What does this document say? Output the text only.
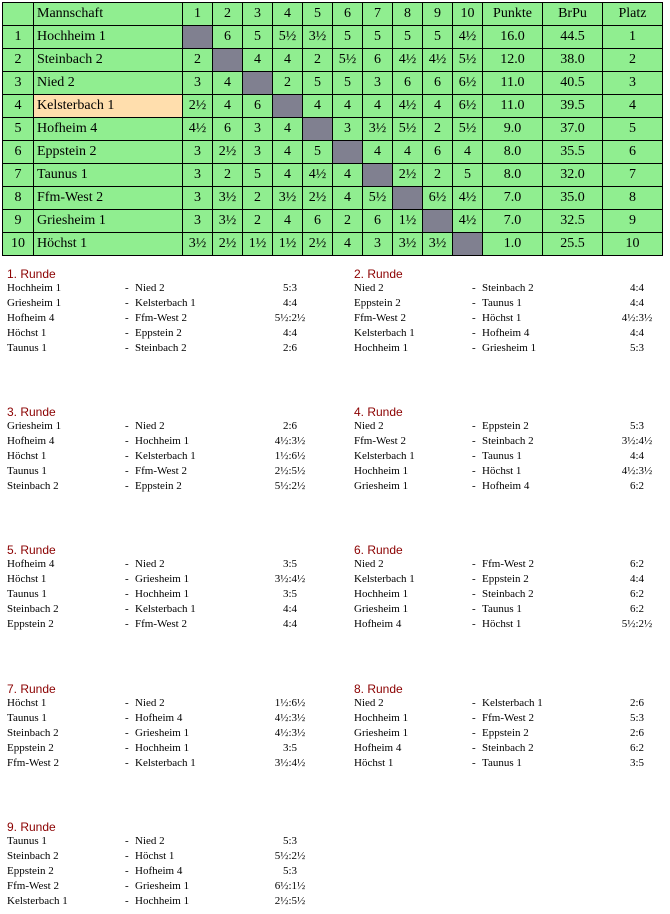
	Mannschaft	1	2	3	4	5	6	7	8	9	10	Punkte	BrPu	Platz
1	Hochheim 1		6	5	5½	3½	5	5	5	5	4½	16.0	44.5	1
2	Steinbach 2	2		4	4	2	5½	6	4½	4½	5½	12.0	38.0	2
3	Nied 2	3	4		2	5	5	3	6	6	6½	11.0	40.5	3
4	Kelsterbach 1	2½	4	6		4	4	4	4½	4	6½	11.0	39.5	4
5	Hofheim 4	4½	6	3	4		3	3½	5½	2	5½	9.0	37.0	5
6	Eppstein 2	3	2½	3	4	5		4	4	6	4	8.0	35.5	6
7	Taunus 1	3	2	5	4	4½	4		2½	2	5	8.0	32.0	7
8	Ffm-West 2	3	3½	2	3½	2½	4	5½		6½	4½	7.0	35.0	8
9	Griesheim 1	3	3½	2	4	6	2	6	1½		4½	7.0	32.5	9
10	Höchst 1	3½	2½	1½	1½	2½	4	3	3½	3½		1.0	25.5	10
1. Runde
Hochheim 1	- Nied 2	5:3
Griesheim 1	- Kelsterbach 1	4:4
Hofheim 4	- Ffm-West 2	5½:2½
Höchst 1	- Eppstein 2	4:4
Taunus 1	- Steinbach 2	2:6
2. Runde
Nied 2	- Steinbach 2	4:4
Eppstein 2	- Taunus 1	4:4
Ffm-West 2	- Höchst 1	4½:3½
Kelsterbach 1	- Hofheim 4	4:4
Hochheim 1	- Griesheim 1	5:3
3. Runde
Griesheim 1	- Nied 2	2:6
Hofheim 4	- Hochheim 1	4½:3½
Höchst 1	- Kelsterbach 1	1½:6½
Taunus 1	- Ffm-West 2	2½:5½
Steinbach 2	- Eppstein 2	5½:2½
4. Runde
Nied 2	- Eppstein 2	5:3
Ffm-West 2	- Steinbach 2	3½:4½
Kelsterbach 1	- Taunus 1	4:4
Hochheim 1	- Höchst 1	4½:3½
Griesheim 1	- Hofheim 4	6:2
5. Runde
Hofheim 4	- Nied 2	3:5
Höchst 1	- Griesheim 1	3½:4½
Taunus 1	- Hochheim 1	3:5
Steinbach 2	- Kelsterbach 1	4:4
Eppstein 2	- Ffm-West 2	4:4
6. Runde
Nied 2	- Ffm-West 2	6:2
Kelsterbach 1	- Eppstein 2	4:4
Hochheim 1	- Steinbach 2	6:2
Griesheim 1	- Taunus 1	6:2
Hofheim 4	- Höchst 1	5½:2½
7. Runde
Höchst 1	- Nied 2	1½:6½
Taunus 1	- Hofheim 4	4½:3½
Steinbach 2	- Griesheim 1	4½:3½
Eppstein 2	- Hochheim 1	3:5
Ffm-West 2	- Kelsterbach 1	3½:4½
8. Runde
Nied 2	- Kelsterbach 1	2:6
Hochheim 1	- Ffm-West 2	5:3
Griesheim 1	- Eppstein 2	2:6
Hofheim 4	- Steinbach 2	6:2
Höchst 1	- Taunus 1	3:5
9. Runde
Taunus 1	- Nied 2	5:3
Steinbach 2	- Höchst 1	5½:2½
Eppstein 2	- Hofheim 4	5:3
Ffm-West 2	- Griesheim 1	6½:1½
Kelsterbach 1	- Hochheim 1	2½:5½
